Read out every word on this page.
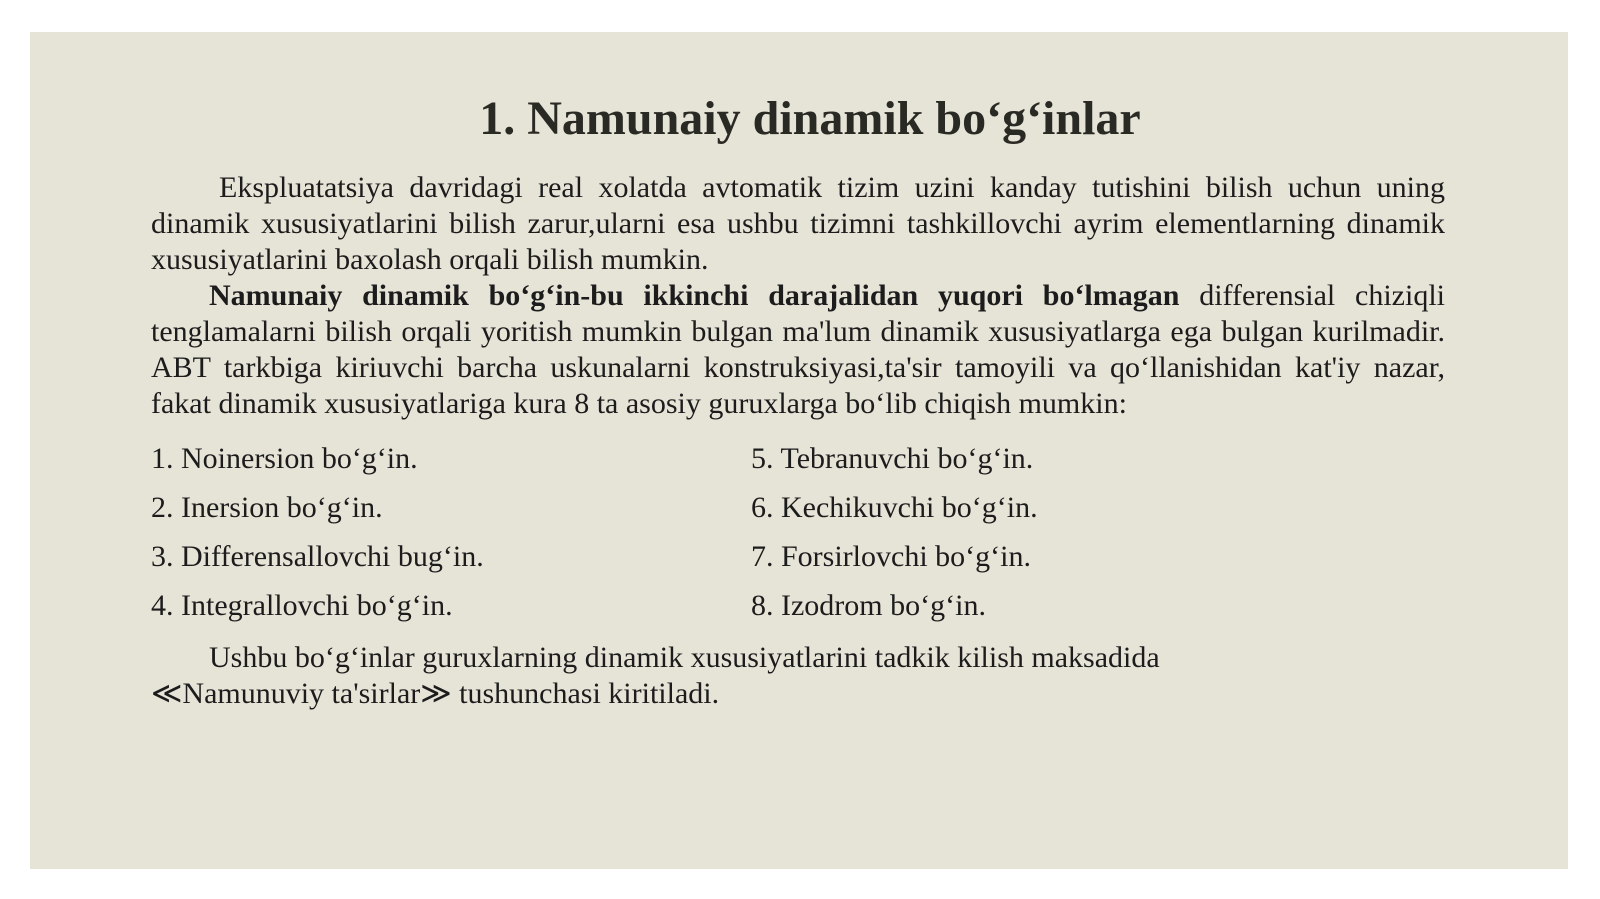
1. Namunaiy dinamik bo‘g‘inlar

Ekspluatatsiya davridagi real xolatda avtomatik tizim uzini kanday tutishini bilish uchun uning dinamik xususiyatlarini bilish zarur,ularni esa ushbu tizimni tashkillovchi ayrim elementlarning dinamik xususiyatlarini baxolash orqali bilish mumkin.

Namunaiy dinamik bo‘g‘in-bu ikkinchi darajalidan yuqori bo‘lmagan differensial chiziqli tenglamalarni bilish orqali yoritish mumkin bulgan ma'lum dinamik xususiyatlarga ega bulgan kurilmadir. ABT tarkbiga kiriuvchi barcha uskunalarni konstruksiyasi,ta'sir tamoyili va qo‘llanishidan kat'iy nazar, fakat dinamik xususiyatlariga kura 8 ta asosiy guruxlarga bo‘lib chiqish mumkin:

1. Noinersion bo‘g‘in.	5. Tebranuvchi bo‘g‘in.
2. Inersion bo‘g‘in.	6. Kechikuvchi bo‘g‘in.
3. Differensallovchi bug‘in.	7. Forsirlovchi bo‘g‘in.
4. Integrallovchi bo‘g‘in.	8. Izodrom bo‘g‘in.

Ushbu bo‘g‘inlar guruxlarning dinamik xususiyatlarini tadkik kilish maksadida ≪Namunuviy ta'sirlar≫ tushunchasi kiritiladi.
